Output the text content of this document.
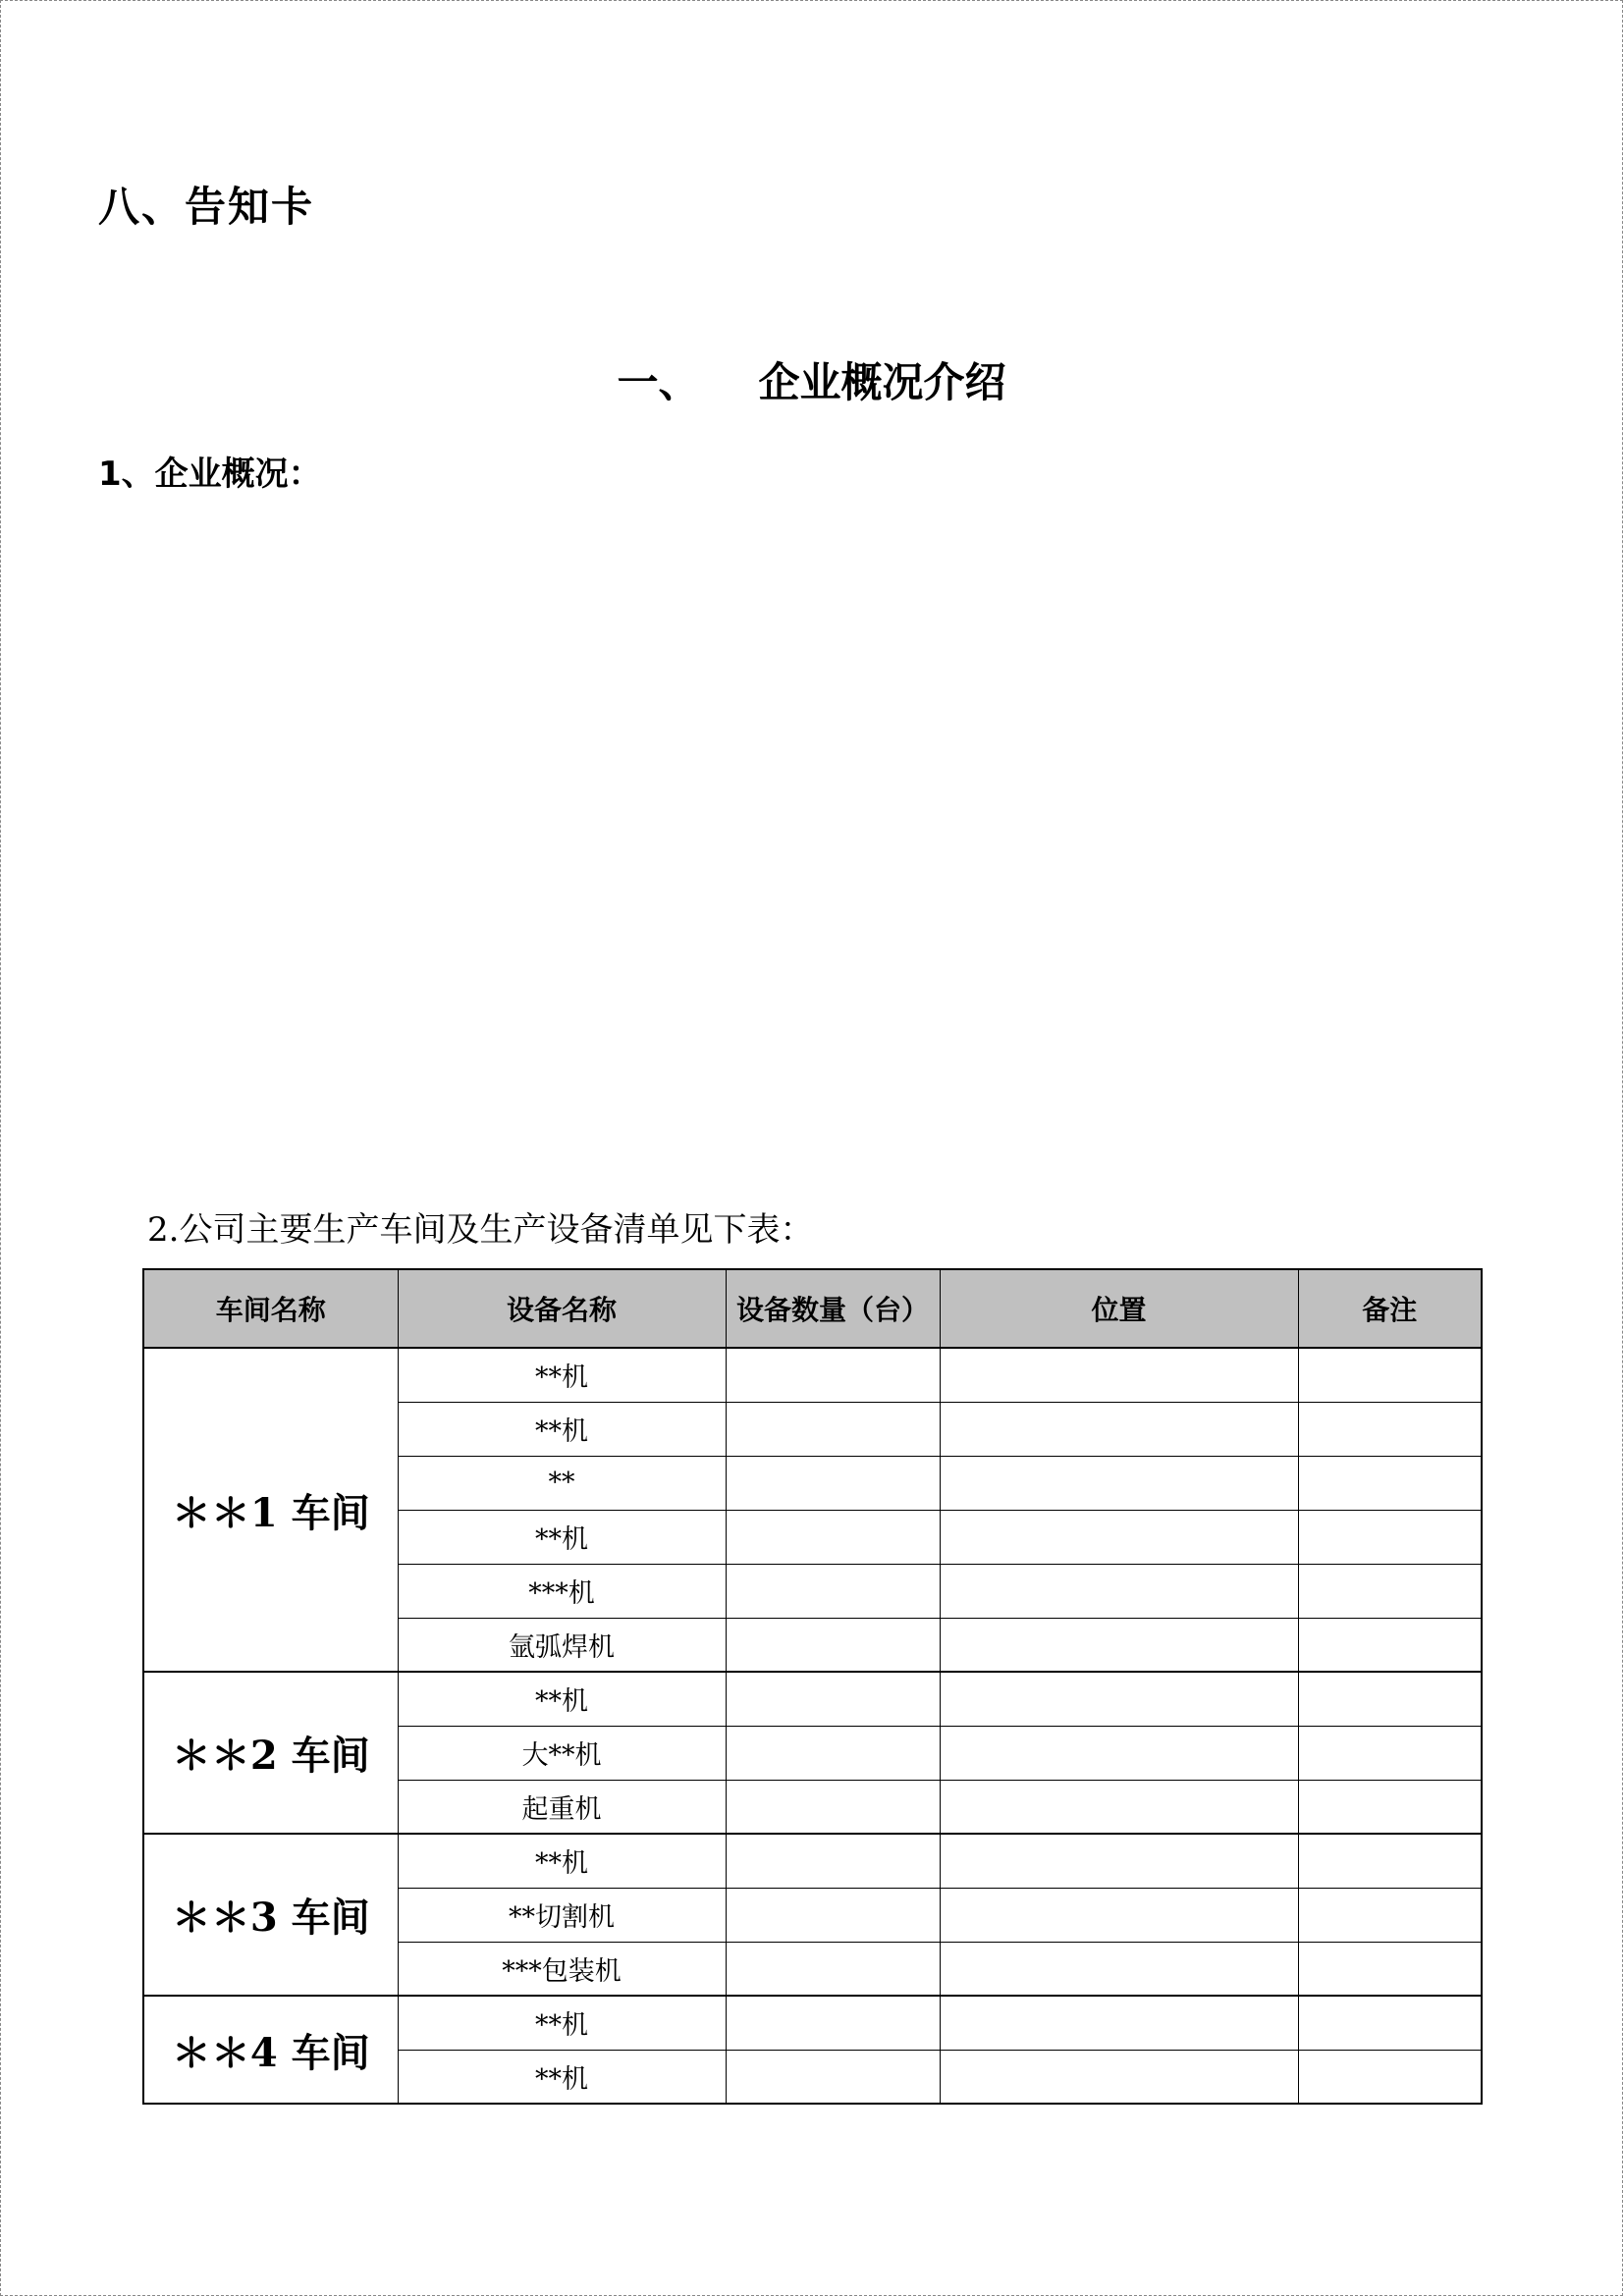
八、告知卡
一、 企业概况介绍
1、企业概况：
2.公司主要生产车间及生产设备清单见下表：
车间名称	设备名称	设备数量（台）	位置	备注
＊＊1 车间	**机			
	**机			
	**			
	**机			
	***机			
	氩弧焊机			
＊＊2 车间	**机			
	大**机			
	起重机			
＊＊3 车间	**机			
	**切割机			
	***包装机			
＊＊4 车间	**机			
	**机			
